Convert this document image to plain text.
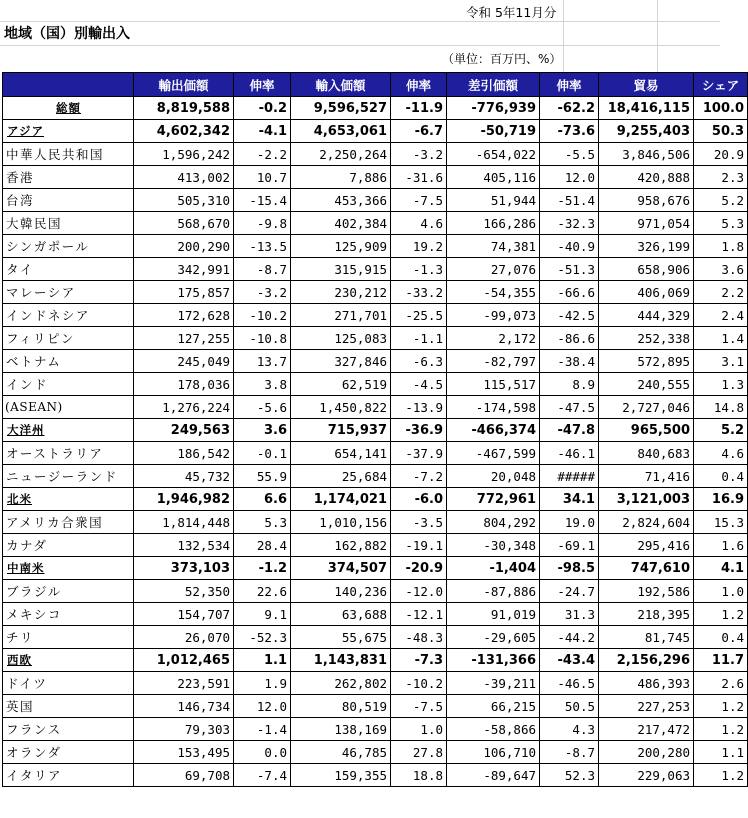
令和 5年11月分
地域（国）別輸出入
（単位：百万円、%）
	輸出価額	伸率	輸入価額	伸率	差引価額	伸率	貿易	シェア
総額	8,819,588	-0.2	9,596,527	-11.9	-776,939	-62.2	18,416,115	100.0
アジア	4,602,342	-4.1	4,653,061	-6.7	-50,719	-73.6	9,255,403	50.3
中華人民共和国	1,596,242	-2.2	2,250,264	-3.2	-654,022	-5.5	3,846,506	20.9
香港	413,002	10.7	7,886	-31.6	405,116	12.0	420,888	2.3
台湾	505,310	-15.4	453,366	-7.5	51,944	-51.4	958,676	5.2
大韓民国	568,670	-9.8	402,384	4.6	166,286	-32.3	971,054	5.3
シンガポール	200,290	-13.5	125,909	19.2	74,381	-40.9	326,199	1.8
タイ	342,991	-8.7	315,915	-1.3	27,076	-51.3	658,906	3.6
マレーシア	175,857	-3.2	230,212	-33.2	-54,355	-66.6	406,069	2.2
インドネシア	172,628	-10.2	271,701	-25.5	-99,073	-42.5	444,329	2.4
フィリピン	127,255	-10.8	125,083	-1.1	2,172	-86.6	252,338	1.4
ベトナム	245,049	13.7	327,846	-6.3	-82,797	-38.4	572,895	3.1
インド	178,036	3.8	62,519	-4.5	115,517	8.9	240,555	1.3
(ASEAN)	1,276,224	-5.6	1,450,822	-13.9	-174,598	-47.5	2,727,046	14.8
大洋州	249,563	3.6	715,937	-36.9	-466,374	-47.8	965,500	5.2
オーストラリア	186,542	-0.1	654,141	-37.9	-467,599	-46.1	840,683	4.6
ニュージーランド	45,732	55.9	25,684	-7.2	20,048	#####	71,416	0.4
北米	1,946,982	6.6	1,174,021	-6.0	772,961	34.1	3,121,003	16.9
アメリカ合衆国	1,814,448	5.3	1,010,156	-3.5	804,292	19.0	2,824,604	15.3
カナダ	132,534	28.4	162,882	-19.1	-30,348	-69.1	295,416	1.6
中南米	373,103	-1.2	374,507	-20.9	-1,404	-98.5	747,610	4.1
ブラジル	52,350	22.6	140,236	-12.0	-87,886	-24.7	192,586	1.0
メキシコ	154,707	9.1	63,688	-12.1	91,019	31.3	218,395	1.2
チリ	26,070	-52.3	55,675	-48.3	-29,605	-44.2	81,745	0.4
西欧	1,012,465	1.1	1,143,831	-7.3	-131,366	-43.4	2,156,296	11.7
ドイツ	223,591	1.9	262,802	-10.2	-39,211	-46.5	486,393	2.6
英国	146,734	12.0	80,519	-7.5	66,215	50.5	227,253	1.2
フランス	79,303	-1.4	138,169	1.0	-58,866	4.3	217,472	1.2
オランダ	153,495	0.0	46,785	27.8	106,710	-8.7	200,280	1.1
イタリア	69,708	-7.4	159,355	18.8	-89,647	52.3	229,063	1.2
